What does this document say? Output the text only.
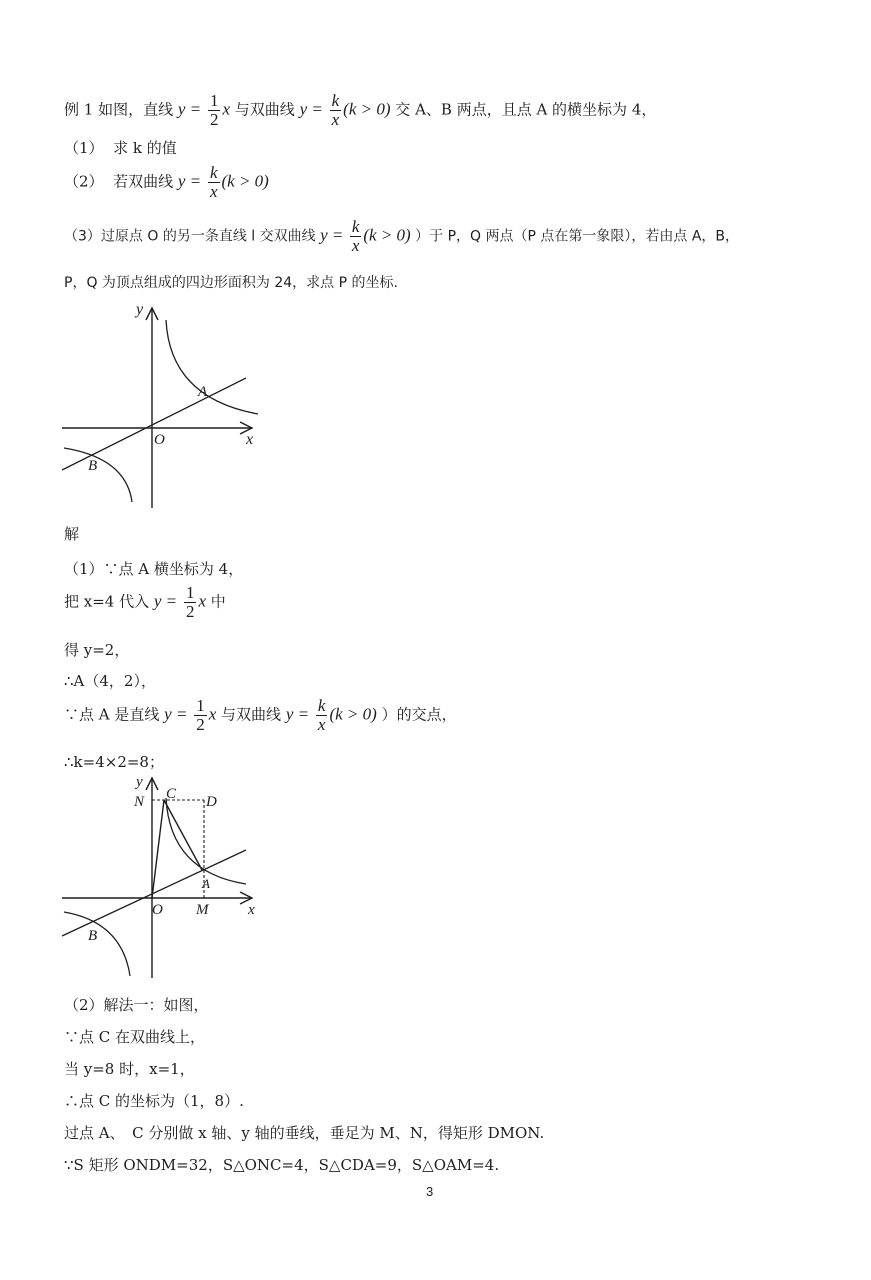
例 1 如图，直线 $y = \frac{1}{2}$ x 与双曲线 $y = \frac{k}{x} (k > 0)$ 交 A、B 两点，且点 A 的横坐标为 4，
（1） 求 k 的值
（2） 若双曲线 $y = \frac{k}{x} (k > 0)$
（3）过原点 O 的另一条直线 l 交双曲线 $y = \frac{k}{x} (k > 0)$ ）于 P，Q 两点（P 点在第一象限），若由点 A，B，
P，Q 为顶点组成的四边形面积为 24，求点 P 的坐标.
y
x
O
A
B
解
（1）∵点 A 横坐标为 4，
把 x=4 代入 $y = \frac{1}{2}$ x 中
得 y=2，
∴A（4，2），
∵点 A 是直线 $y = \frac{1}{2}$ x 与双曲线 $y = \frac{k}{x} (k > 0)$ ）的交点，
∴k=4×2=8；
y
x
O
A
B
C D
N
M
（2）解法一：如图，
∵点 C 在双曲线上，
当 y=8 时，x=1，
∴点 C 的坐标为（1，8）.
过点 A、　C 分别做 x 轴、y 轴的垂线，垂足为 M、N，得矩形 DMON.
∵S 矩形 ONDM=32，S△ONC=4，S△CDA=9，S△OAM=4.
3
